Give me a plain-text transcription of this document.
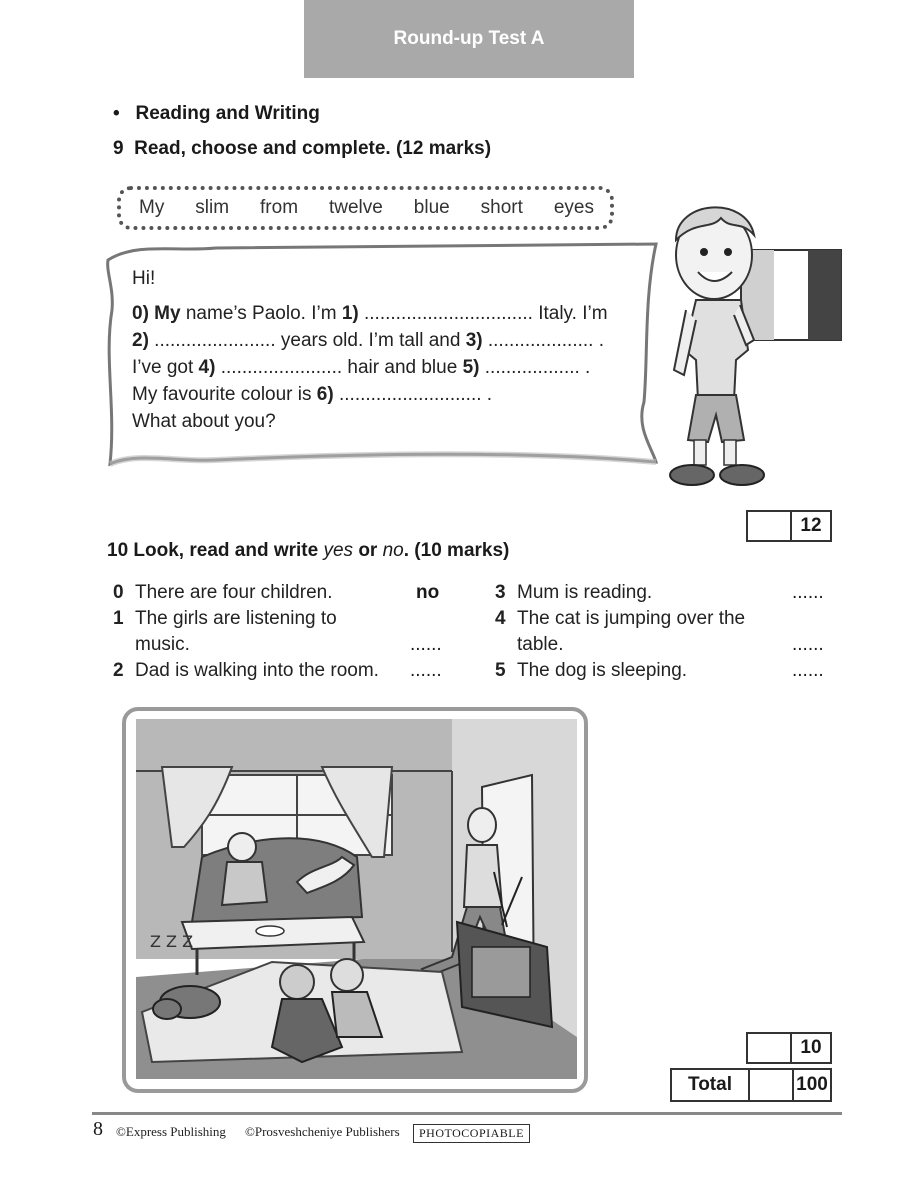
Round-up Test A
• Reading and Writing
9 Read, choose and complete. (12 marks)
My slim from twelve blue short eyes
Hi!
0) My name’s Paolo. I’m 1) ................................ Italy. I’m
2) ....................... years old. I’m tall and 3) .................... .
I’ve got 4) ....................... hair and blue 5) .................. .
My favourite colour is 6) ........................... .
What about you?
12
10 Look, read and write yes or no. (10 marks)
0 There are four children.	no
1 The girls are listening to
music.	......
2 Dad is walking into the room. ......
3 Mum is reading.	......
4 The cat is jumping over the
table.	......
5 The dog is sleeping.	......
Z Z Z
10
Total	100
8 ©Express Publishing ©Prosveshcheniye Publishers	PHOTOCOPIABLE
